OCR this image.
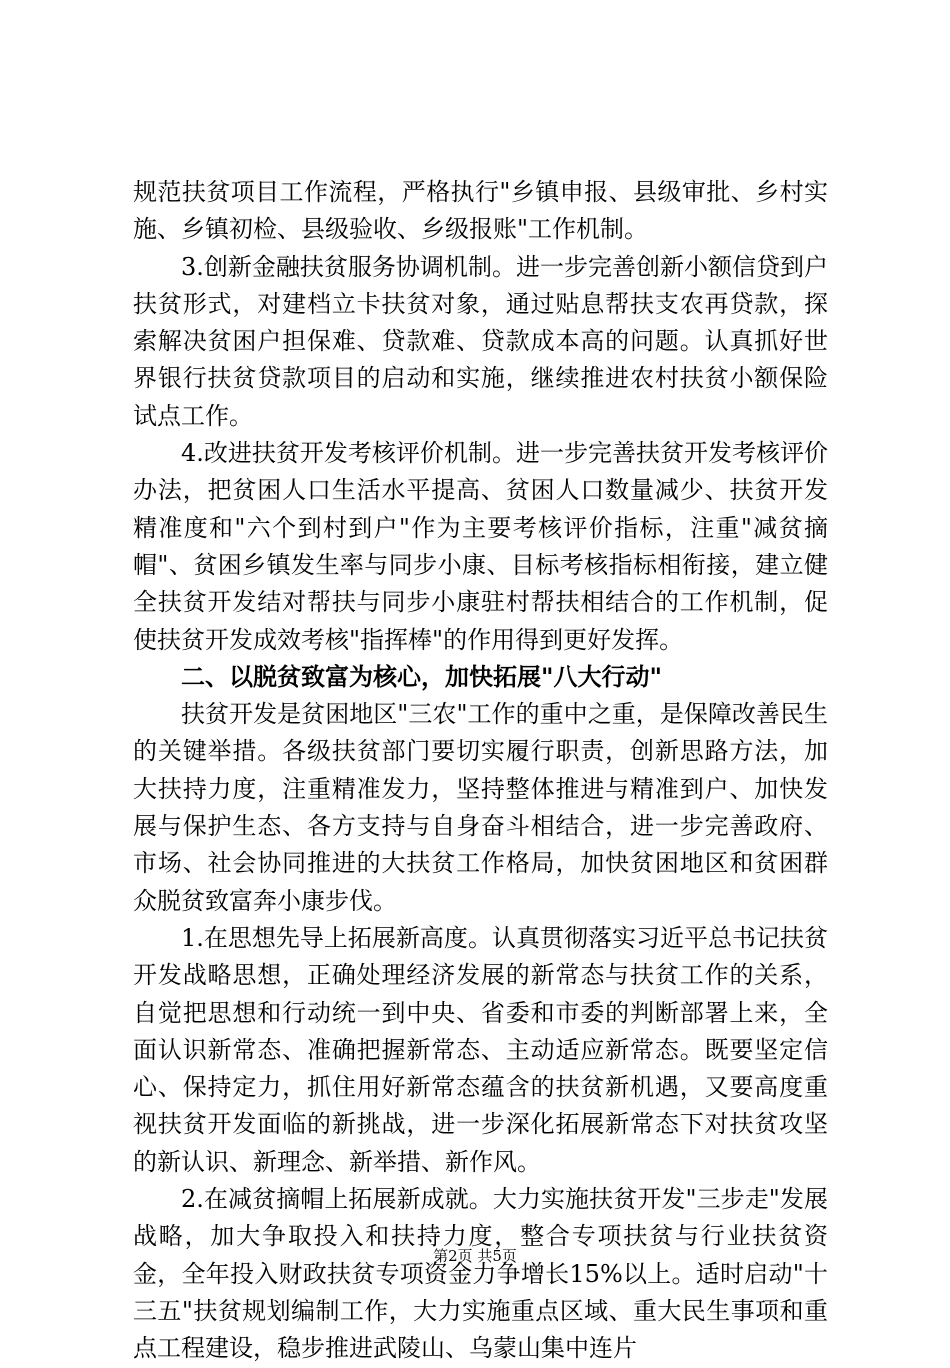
规范扶贫项目工作流程，严格执行"乡镇申报、县级审批、乡村实施、乡镇初检、县级验收、乡级报账"工作机制。

3.创新金融扶贫服务协调机制。进一步完善创新小额信贷到户扶贫形式，对建档立卡扶贫对象，通过贴息帮扶支农再贷款，探索解决贫困户担保难、贷款难、贷款成本高的问题。认真抓好世界银行扶贫贷款项目的启动和实施，继续推进农村扶贫小额保险试点工作。

4.改进扶贫开发考核评价机制。进一步完善扶贫开发考核评价办法，把贫困人口生活水平提高、贫困人口数量减少、扶贫开发精准度和"六个到村到户"作为主要考核评价指标，注重"减贫摘帽"、贫困乡镇发生率与同步小康、目标考核指标相衔接，建立健全扶贫开发结对帮扶与同步小康驻村帮扶相结合的工作机制，促使扶贫开发成效考核"指挥棒"的作用得到更好发挥。

二、以脱贫致富为核心，加快拓展"八大行动"

扶贫开发是贫困地区"三农"工作的重中之重，是保障改善民生的关键举措。各级扶贫部门要切实履行职责，创新思路方法，加大扶持力度，注重精准发力，坚持整体推进与精准到户、加快发展与保护生态、各方支持与自身奋斗相结合，进一步完善政府、市场、社会协同推进的大扶贫工作格局，加快贫困地区和贫困群众脱贫致富奔小康步伐。

1.在思想先导上拓展新高度。认真贯彻落实习近平总书记扶贫开发战略思想，正确处理经济发展的新常态与扶贫工作的关系，自觉把思想和行动统一到中央、省委和市委的判断部署上来，全面认识新常态、准确把握新常态、主动适应新常态。既要坚定信心、保持定力，抓住用好新常态蕴含的扶贫新机遇，又要高度重视扶贫开发面临的新挑战，进一步深化拓展新常态下对扶贫攻坚的新认识、新理念、新举措、新作风。

2.在减贫摘帽上拓展新成就。大力实施扶贫开发"三步走"发展战略，加大争取投入和扶持力度，整合专项扶贫与行业扶贫资金，全年投入财政扶贫专项资金力争增长15%以上。适时启动"十三五"扶贫规划编制工作，大力实施重点区域、重大民生事项和重点工程建设，稳步推进武陵山、乌蒙山集中连片

第2页 共5页
